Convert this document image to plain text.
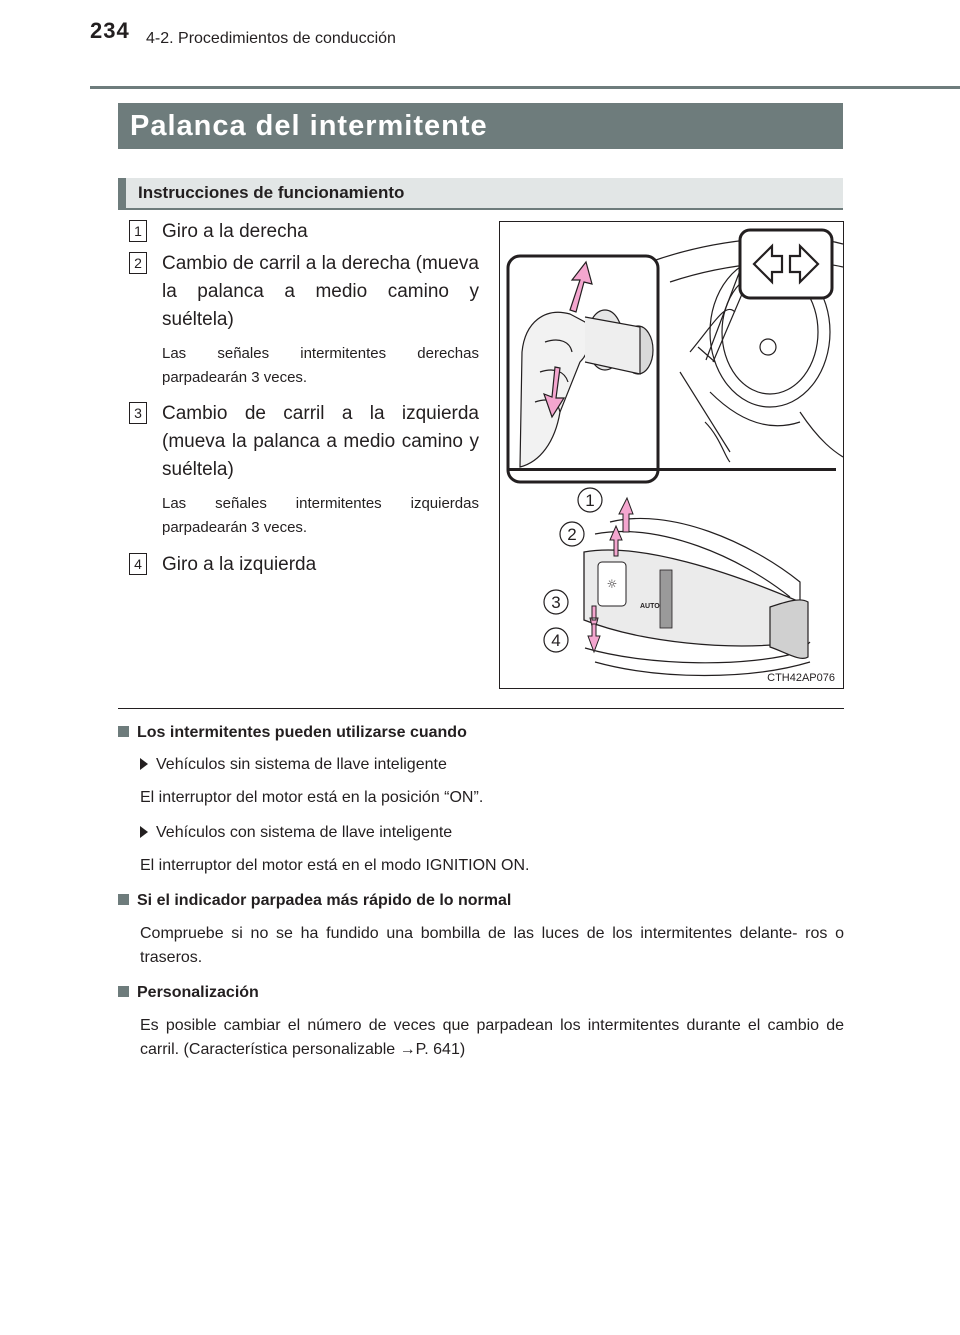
234 4-2. Procedimientos de conducción
Palanca del intermitente
Instrucciones de funcionamiento
1 Giro a la derecha
2 Cambio de carril a la derecha (mueva la palanca a medio camino y suéltela)
Las señales intermitentes derechas parpadearán 3 veces.
3 Cambio de carril a la izquierda (mueva la palanca a medio camino y suéltela)
Las señales intermitentes izquierdas parpadearán 3 veces.
4 Giro a la izquierda
☼
AUTO
1
2
3
4
CTH42AP076
Los intermitentes pueden utilizarse cuando
Vehículos sin sistema de llave inteligente
El interruptor del motor está en la posición “ON”.
Vehículos con sistema de llave inteligente
El interruptor del motor está en el modo IGNITION ON.
Si el indicador parpadea más rápido de lo normal
Compruebe si no se ha fundido una bombilla de las luces de los intermitentes delante- ros o traseros.
Personalización
Es posible cambiar el número de veces que parpadean los intermitentes durante el cambio de carril. (Característica personalizable →P. 641)
